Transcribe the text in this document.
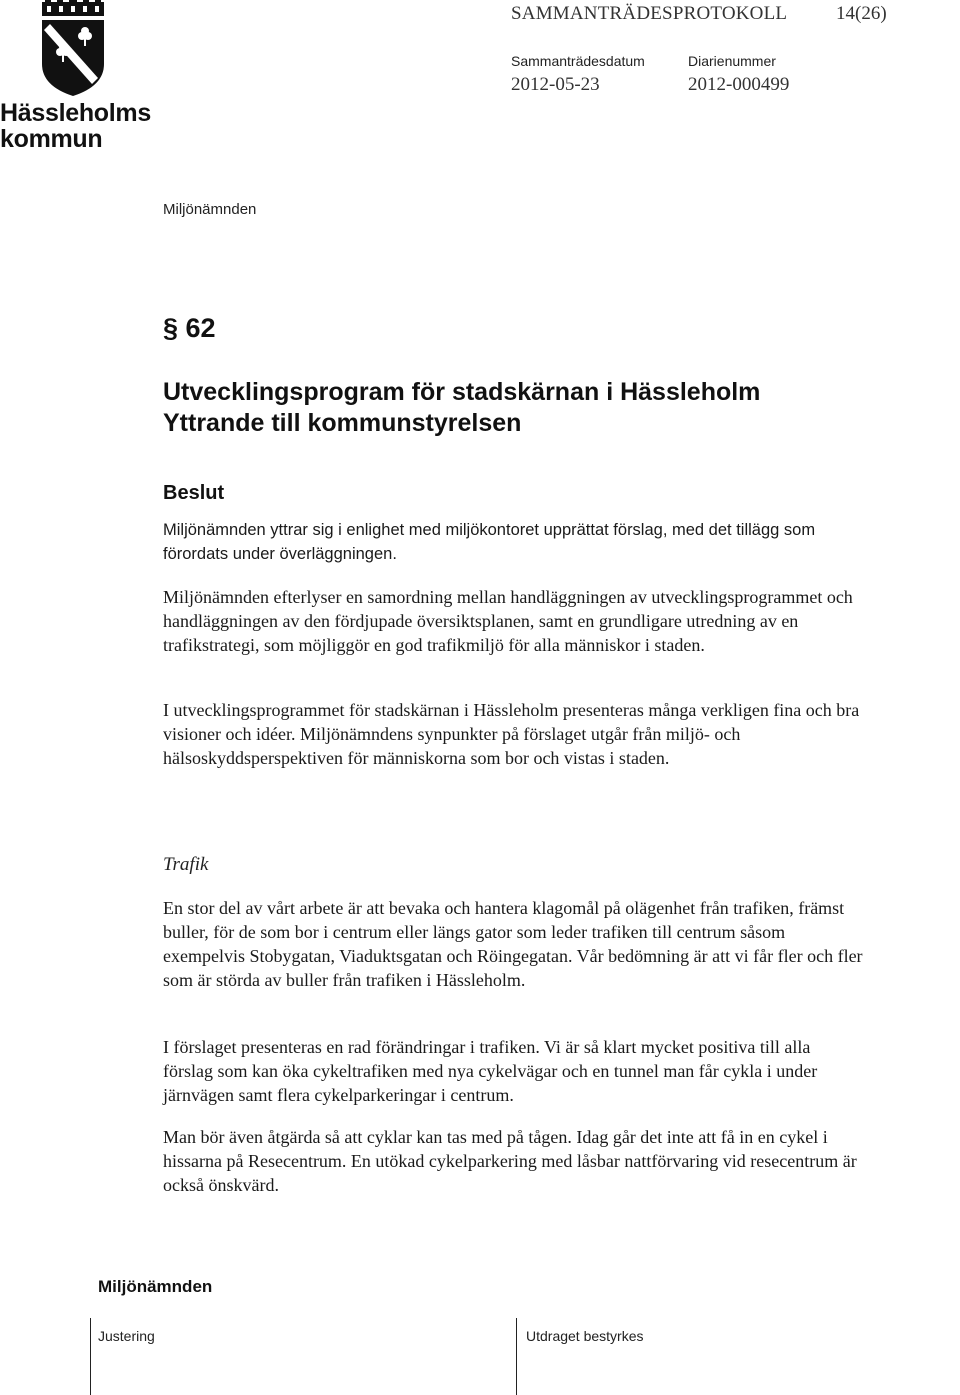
Hässleholms
kommun
SAMMANTRÄDESPROTOKOLL	14(26)
Sammanträdesdatum	Diarienummer
2012-05-23	2012-000499
Miljönämnden
§ 62
Utvecklingsprogram för stadskärnan i Hässleholm
Yttrande till kommunstyrelsen
Beslut

Miljönämnden yttrar sig i enlighet med miljökontoret upprättat förslag, med det tillägg som förordats under överläggningen.

Miljönämnden efterlyser en samordning mellan handläggningen av utvecklingsprogrammet och handläggningen av den fördjupade översiktsplanen, samt en grundligare utredning av en trafikstrategi, som möjliggör en god trafikmiljö för alla människor i staden.

I utvecklingsprogrammet för stadskärnan i Hässleholm presenteras många verkligen fina och bra visioner och idéer. Miljönämndens synpunkter på förslaget utgår från miljö- och hälsoskyddsperspektiven för människorna som bor och vistas i staden.

Trafik

En stor del av vårt arbete är att bevaka och hantera klagomål på olägenhet från trafiken, främst buller, för de som bor i centrum eller längs gator som leder trafiken till centrum såsom exempelvis Stobygatan, Viaduktsgatan och Röingegatan. Vår bedömning är att vi får fler och fler som är störda av buller från trafiken i Hässleholm.

I förslaget presenteras en rad förändringar i trafiken. Vi är så klart mycket positiva till alla förslag som kan öka cykeltrafiken med nya cykelvägar och en tunnel man får cykla i under järnvägen samt flera cykelparkeringar i centrum.

Man bör även åtgärda så att cyklar kan tas med på tågen. Idag går det inte att få in en cykel i hissarna på Resecentrum. En utökad cykelparkering med låsbar nattförvaring vid resecentrum är också önskvärd.

Miljönämnden
Justering	Utdraget bestyrkes
